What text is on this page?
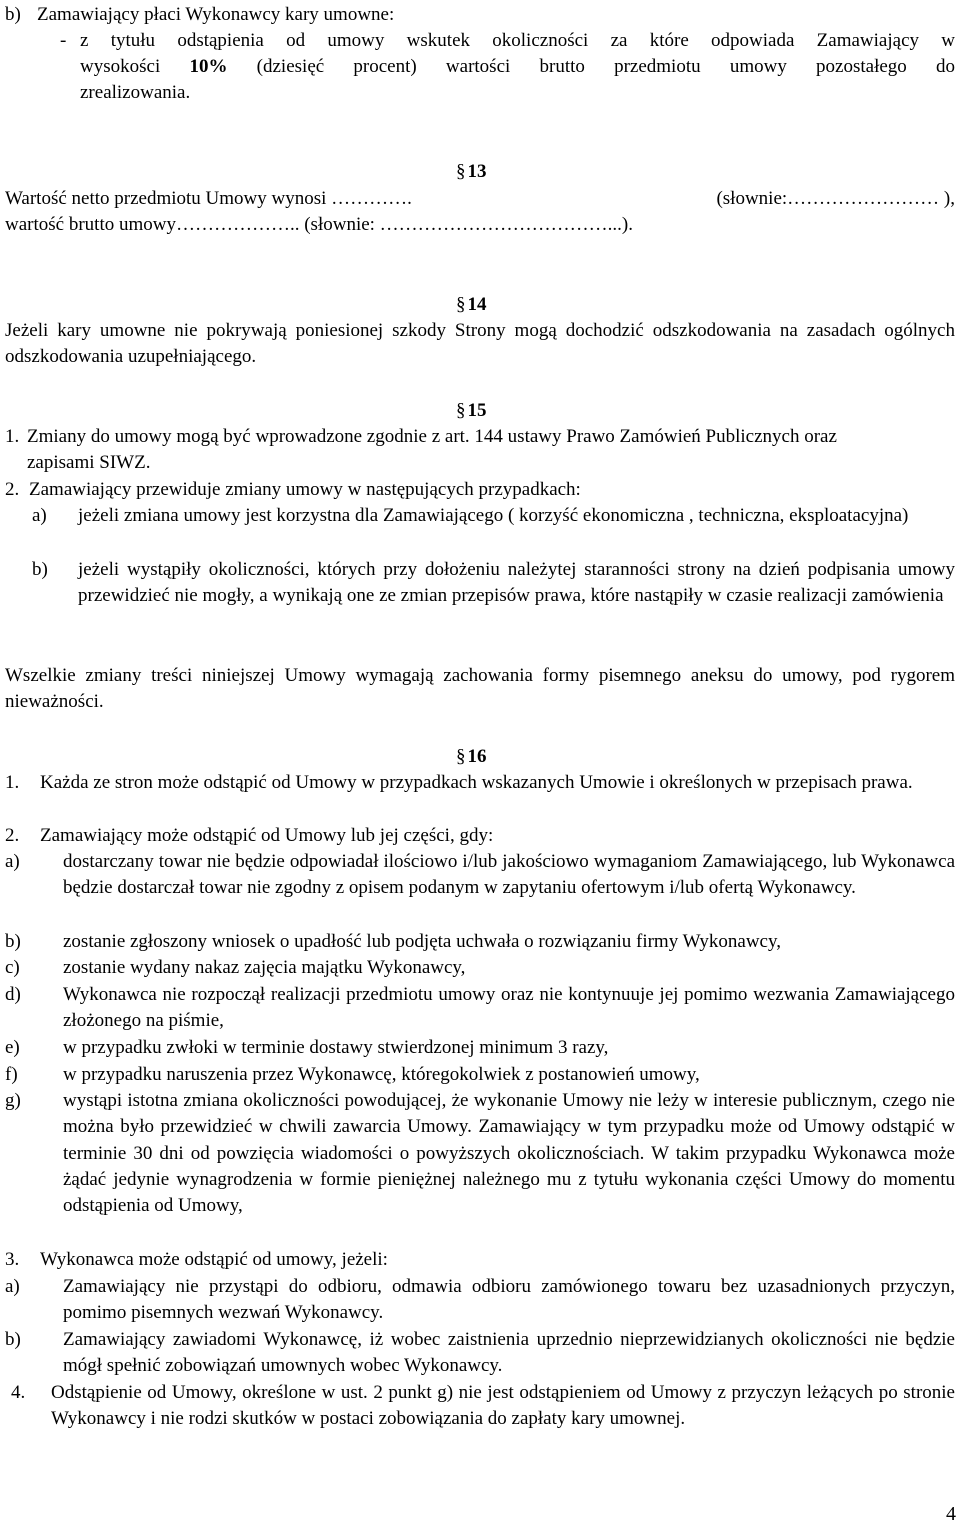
b) Zamawiający płaci Wykonawcy kary umowne:
- z tytułu odstąpienia od umowy wskutek okoliczności za które odpowiada Zamawiający w
wysokości 10% (dziesięć procent) wartości brutto przedmiotu umowy pozostałego do
zrealizowania.
§ 13
Wartość netto przedmiotu Umowy wynosi ………….	(słownie:…………………… ),
wartość brutto umowy……………….. (słownie: ………………………………...).
§ 14
Jeżeli kary umowne nie pokrywają poniesionej szkody Strony mogą dochodzić odszkodowania na zasadach ogólnych odszkodowania uzupełniającego.
§ 15
1. Zmiany do umowy mogą być wprowadzone zgodnie z art. 144 ustawy Prawo Zamówień Publicznych oraz zapisami SIWZ.
2. Zamawiający przewiduje zmiany umowy w następujących przypadkach:
a)	jeżeli zmiana umowy jest korzystna dla Zamawiającego ( korzyść ekonomiczna , techniczna, eksploatacyjna)
b)	jeżeli wystąpiły okoliczności, których przy dołożeniu należytej staranności strony na dzień podpisania umowy przewidzieć nie mogły, a wynikają one ze zmian przepisów prawa, które nastąpiły w czasie realizacji zamówienia
Wszelkie zmiany treści niniejszej Umowy wymagają zachowania formy pisemnego aneksu do umowy, pod rygorem nieważności.
§ 16
1.	Każda ze stron może odstąpić od Umowy w przypadkach wskazanych Umowie i określonych w przepisach prawa.
2.	Zamawiający może odstąpić od Umowy lub jej części, gdy:
a)	dostarczany towar nie będzie odpowiadał ilościowo i/lub jakościowo wymaganiom Zamawiającego, lub Wykonawca będzie dostarczał towar nie zgodny z opisem podanym w zapytaniu ofertowym i/lub ofertą Wykonawcy.
b)	zostanie zgłoszony wniosek o upadłość lub podjęta uchwała o rozwiązaniu firmy Wykonawcy,
c)	zostanie wydany nakaz zajęcia majątku Wykonawcy,
d)	Wykonawca nie rozpoczął realizacji przedmiotu umowy oraz nie kontynuuje jej pomimo wezwania Zamawiającego złożonego na piśmie,
e)	w przypadku zwłoki w terminie dostawy stwierdzonej minimum 3 razy,
f)	w przypadku naruszenia przez Wykonawcę, któregokolwiek z postanowień umowy,
g)	wystąpi istotna zmiana okoliczności powodującej, że wykonanie Umowy nie leży w interesie publicznym, czego nie można było przewidzieć w chwili zawarcia Umowy. Zamawiający w tym przypadku może od Umowy odstąpić w terminie 30 dni od powzięcia wiadomości o powyższych okolicznościach. W takim przypadku Wykonawca może żądać jedynie wynagrodzenia w formie pieniężnej należnego mu z tytułu wykonania części Umowy do momentu odstąpienia od Umowy,
3.	Wykonawca może odstąpić od umowy, jeżeli:
a)	Zamawiający nie przystąpi do odbioru, odmawia odbioru zamówionego towaru bez uzasadnionych przyczyn, pomimo pisemnych wezwań Wykonawcy.
b)	Zamawiający zawiadomi Wykonawcę, iż wobec zaistnienia uprzednio nieprzewidzianych okoliczności nie będzie mógł spełnić zobowiązań umownych wobec Wykonawcy.
4.	Odstąpienie od Umowy, określone w ust. 2 punkt g) nie jest odstąpieniem od Umowy z przyczyn leżących po stronie Wykonawcy i nie rodzi skutków w postaci zobowiązania do zapłaty kary umownej.
4
